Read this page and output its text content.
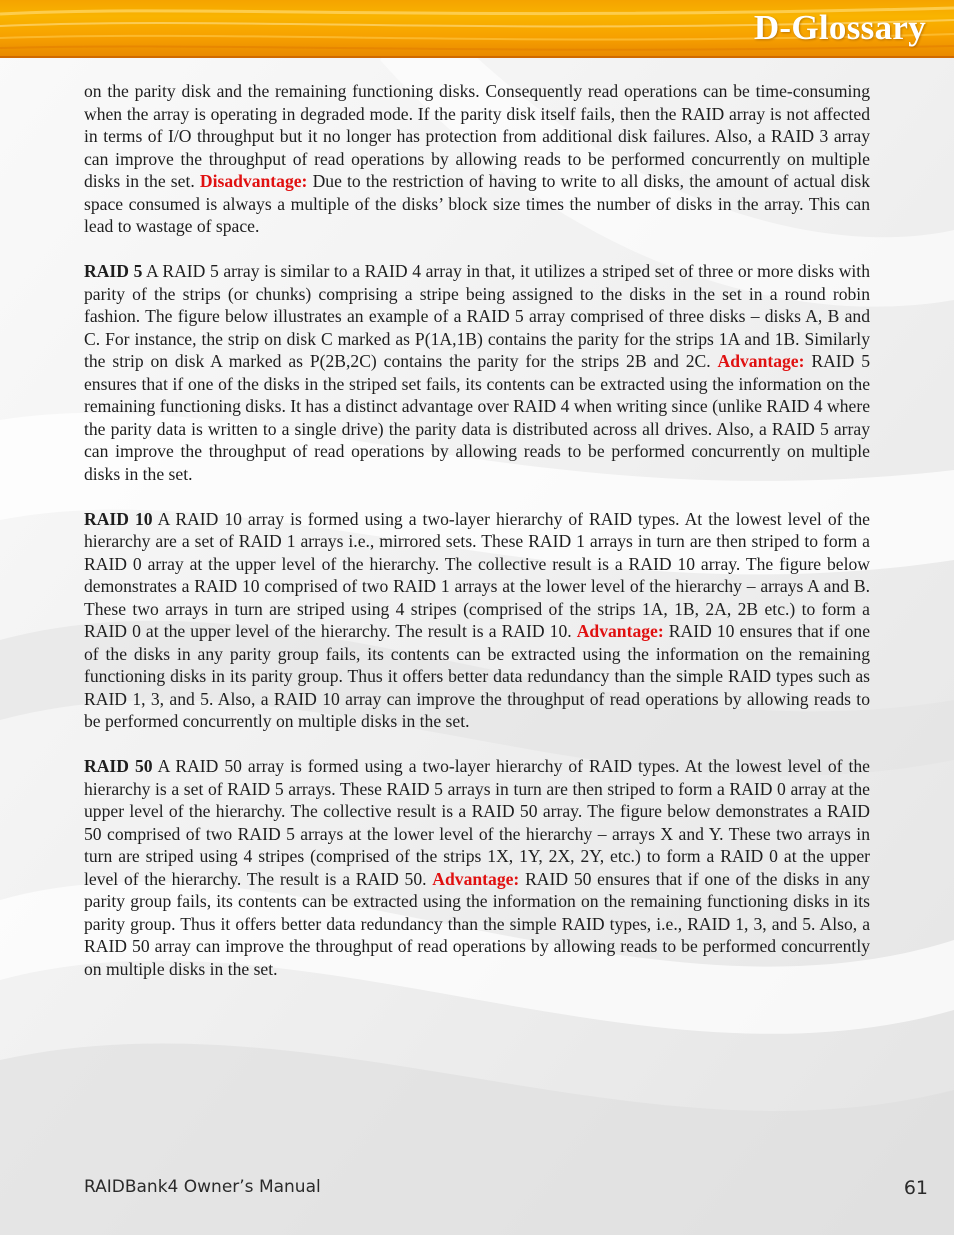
D-Glossary

on the parity disk and the remaining functioning disks. Consequently read operations can be time-consuming when the array is operating in degraded mode. If the parity disk itself fails, then the RAID array is not affected in terms of I/O throughput but it no longer has protection from additional disk failures. Also, a RAID 3 array can improve the throughput of read operations by allowing reads to be performed concurrently on multiple disks in the set. Disadvantage: Due to the restriction of having to write to all disks, the amount of actual disk space consumed is always a multiple of the disks’ block size times the number of disks in the array. This can lead to wastage of space.

RAID 5 A RAID 5 array is similar to a RAID 4 array in that, it utilizes a striped set of three or more disks with parity of the strips (or chunks) comprising a stripe being assigned to the disks in the set in a round robin fashion. The figure below illustrates an example of a RAID 5 array comprised of three disks – disks A, B and C. For instance, the strip on disk C marked as P(1A,1B) contains the parity for the strips 1A and 1B. Similarly the strip on disk A marked as P(2B,2C) contains the parity for the strips 2B and 2C. Advantage: RAID 5 ensures that if one of the disks in the striped set fails, its contents can be extracted using the information on the remaining functioning disks. It has a distinct advantage over RAID 4 when writing since (unlike RAID 4 where the parity data is written to a single drive) the parity data is distributed across all drives. Also, a RAID 5 array can improve the throughput of read operations by allowing reads to be performed concurrently on multiple disks in the set.

RAID 10 A RAID 10 array is formed using a two-layer hierarchy of RAID types. At the lowest level of the hierarchy are a set of RAID 1 arrays i.e., mirrored sets. These RAID 1 arrays in turn are then striped to form a RAID 0 array at the upper level of the hierarchy. The collective result is a RAID 10 array. The figure below demonstrates a RAID 10 comprised of two RAID 1 arrays at the lower level of the hierarchy – arrays A and B. These two arrays in turn are striped using 4 stripes (comprised of the strips 1A, 1B, 2A, 2B etc.) to form a RAID 0 at the upper level of the hierarchy. The result is a RAID 10. Advantage: RAID 10 ensures that if one of the disks in any parity group fails, its contents can be extracted using the information on the remaining functioning disks in its parity group. Thus it offers better data redundancy than the simple RAID types such as RAID 1, 3, and 5. Also, a RAID 10 array can improve the throughput of read operations by allowing reads to be performed concurrently on multiple disks in the set.

RAID 50 A RAID 50 array is formed using a two-layer hierarchy of RAID types. At the lowest level of the hierarchy is a set of RAID 5 arrays. These RAID 5 arrays in turn are then striped to form a RAID 0 array at the upper level of the hierarchy. The collective result is a RAID 50 array. The figure below demonstrates a RAID 50 comprised of two RAID 5 arrays at the lower level of the hierarchy – arrays X and Y. These two arrays in turn are striped using 4 stripes (comprised of the strips 1X, 1Y, 2X, 2Y, etc.) to form a RAID 0 at the upper level of the hierarchy. The result is a RAID 50. Advantage: RAID 50 ensures that if one of the disks in any parity group fails, its contents can be extracted using the information on the remaining functioning disks in its parity group. Thus it offers better data redundancy than the simple RAID types, i.e., RAID 1, 3, and 5. Also, a RAID 50 array can improve the throughput of read operations by allowing reads to be performed concurrently on multiple disks in the set.

RAIDBank4 Owner’s Manual	61
